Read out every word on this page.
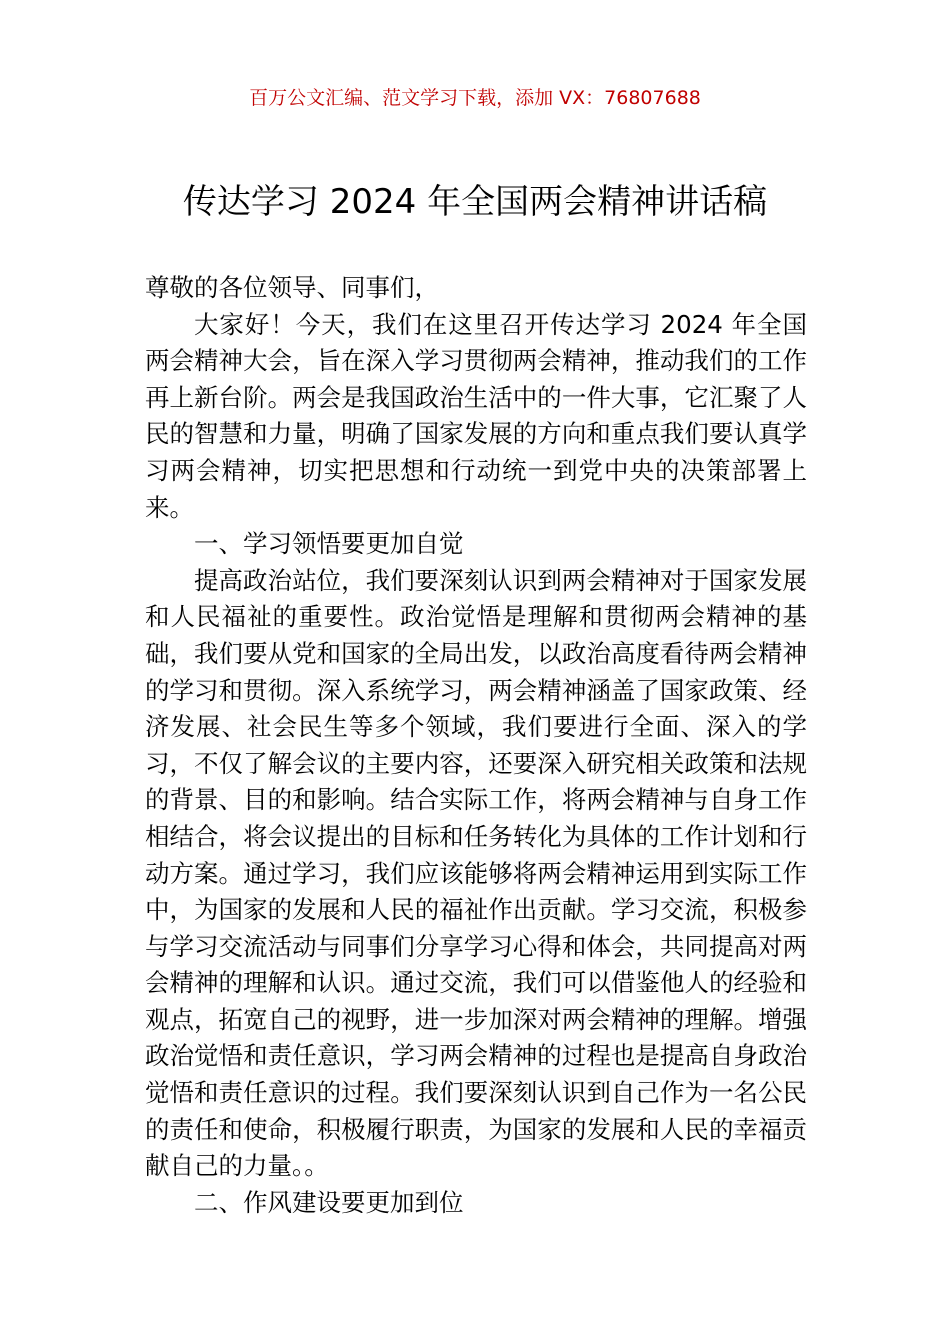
百万公文汇编、范文学习下载，添加 VX：76807688
传达学习 2024 年全国两会精神讲话稿

尊敬的各位领导、同事们，

大家好！今天，我们在这里召开传达学习 2024 年全国两会精神大会，旨在深入学习贯彻两会精神，推动我们的工作再上新台阶。两会是我国政治生活中的一件大事，它汇聚了人民的智慧和力量，明确了国家发展的方向和重点我们要认真学习两会精神，切实把思想和行动统一到党中央的决策部署上来。

一、学习领悟要更加自觉

提高政治站位，我们要深刻认识到两会精神对于国家发展和人民福祉的重要性。政治觉悟是理解和贯彻两会精神的基础，我们要从党和国家的全局出发，以政治高度看待两会精神的学习和贯彻。深入系统学习，两会精神涵盖了国家政策、经济发展、社会民生等多个领域，我们要进行全面、深入的学习，不仅了解会议的主要内容，还要深入研究相关政策和法规的背景、目的和影响。结合实际工作，将两会精神与自身工作相结合，将会议提出的目标和任务转化为具体的工作计划和行动方案。通过学习，我们应该能够将两会精神运用到实际工作中，为国家的发展和人民的福祉作出贡献。学习交流，积极参与学习交流活动与同事们分享学习心得和体会，共同提高对两会精神的理解和认识。通过交流，我们可以借鉴他人的经验和观点，拓宽自己的视野，进一步加深对两会精神的理解。增强政治觉悟和责任意识，学习两会精神的过程也是提高自身政治觉悟和责任意识的过程。我们要深刻认识到自己作为一名公民的责任和使命，积极履行职责，为国家的发展和人民的幸福贡献自己的力量。。

二、作风建设要更加到位
